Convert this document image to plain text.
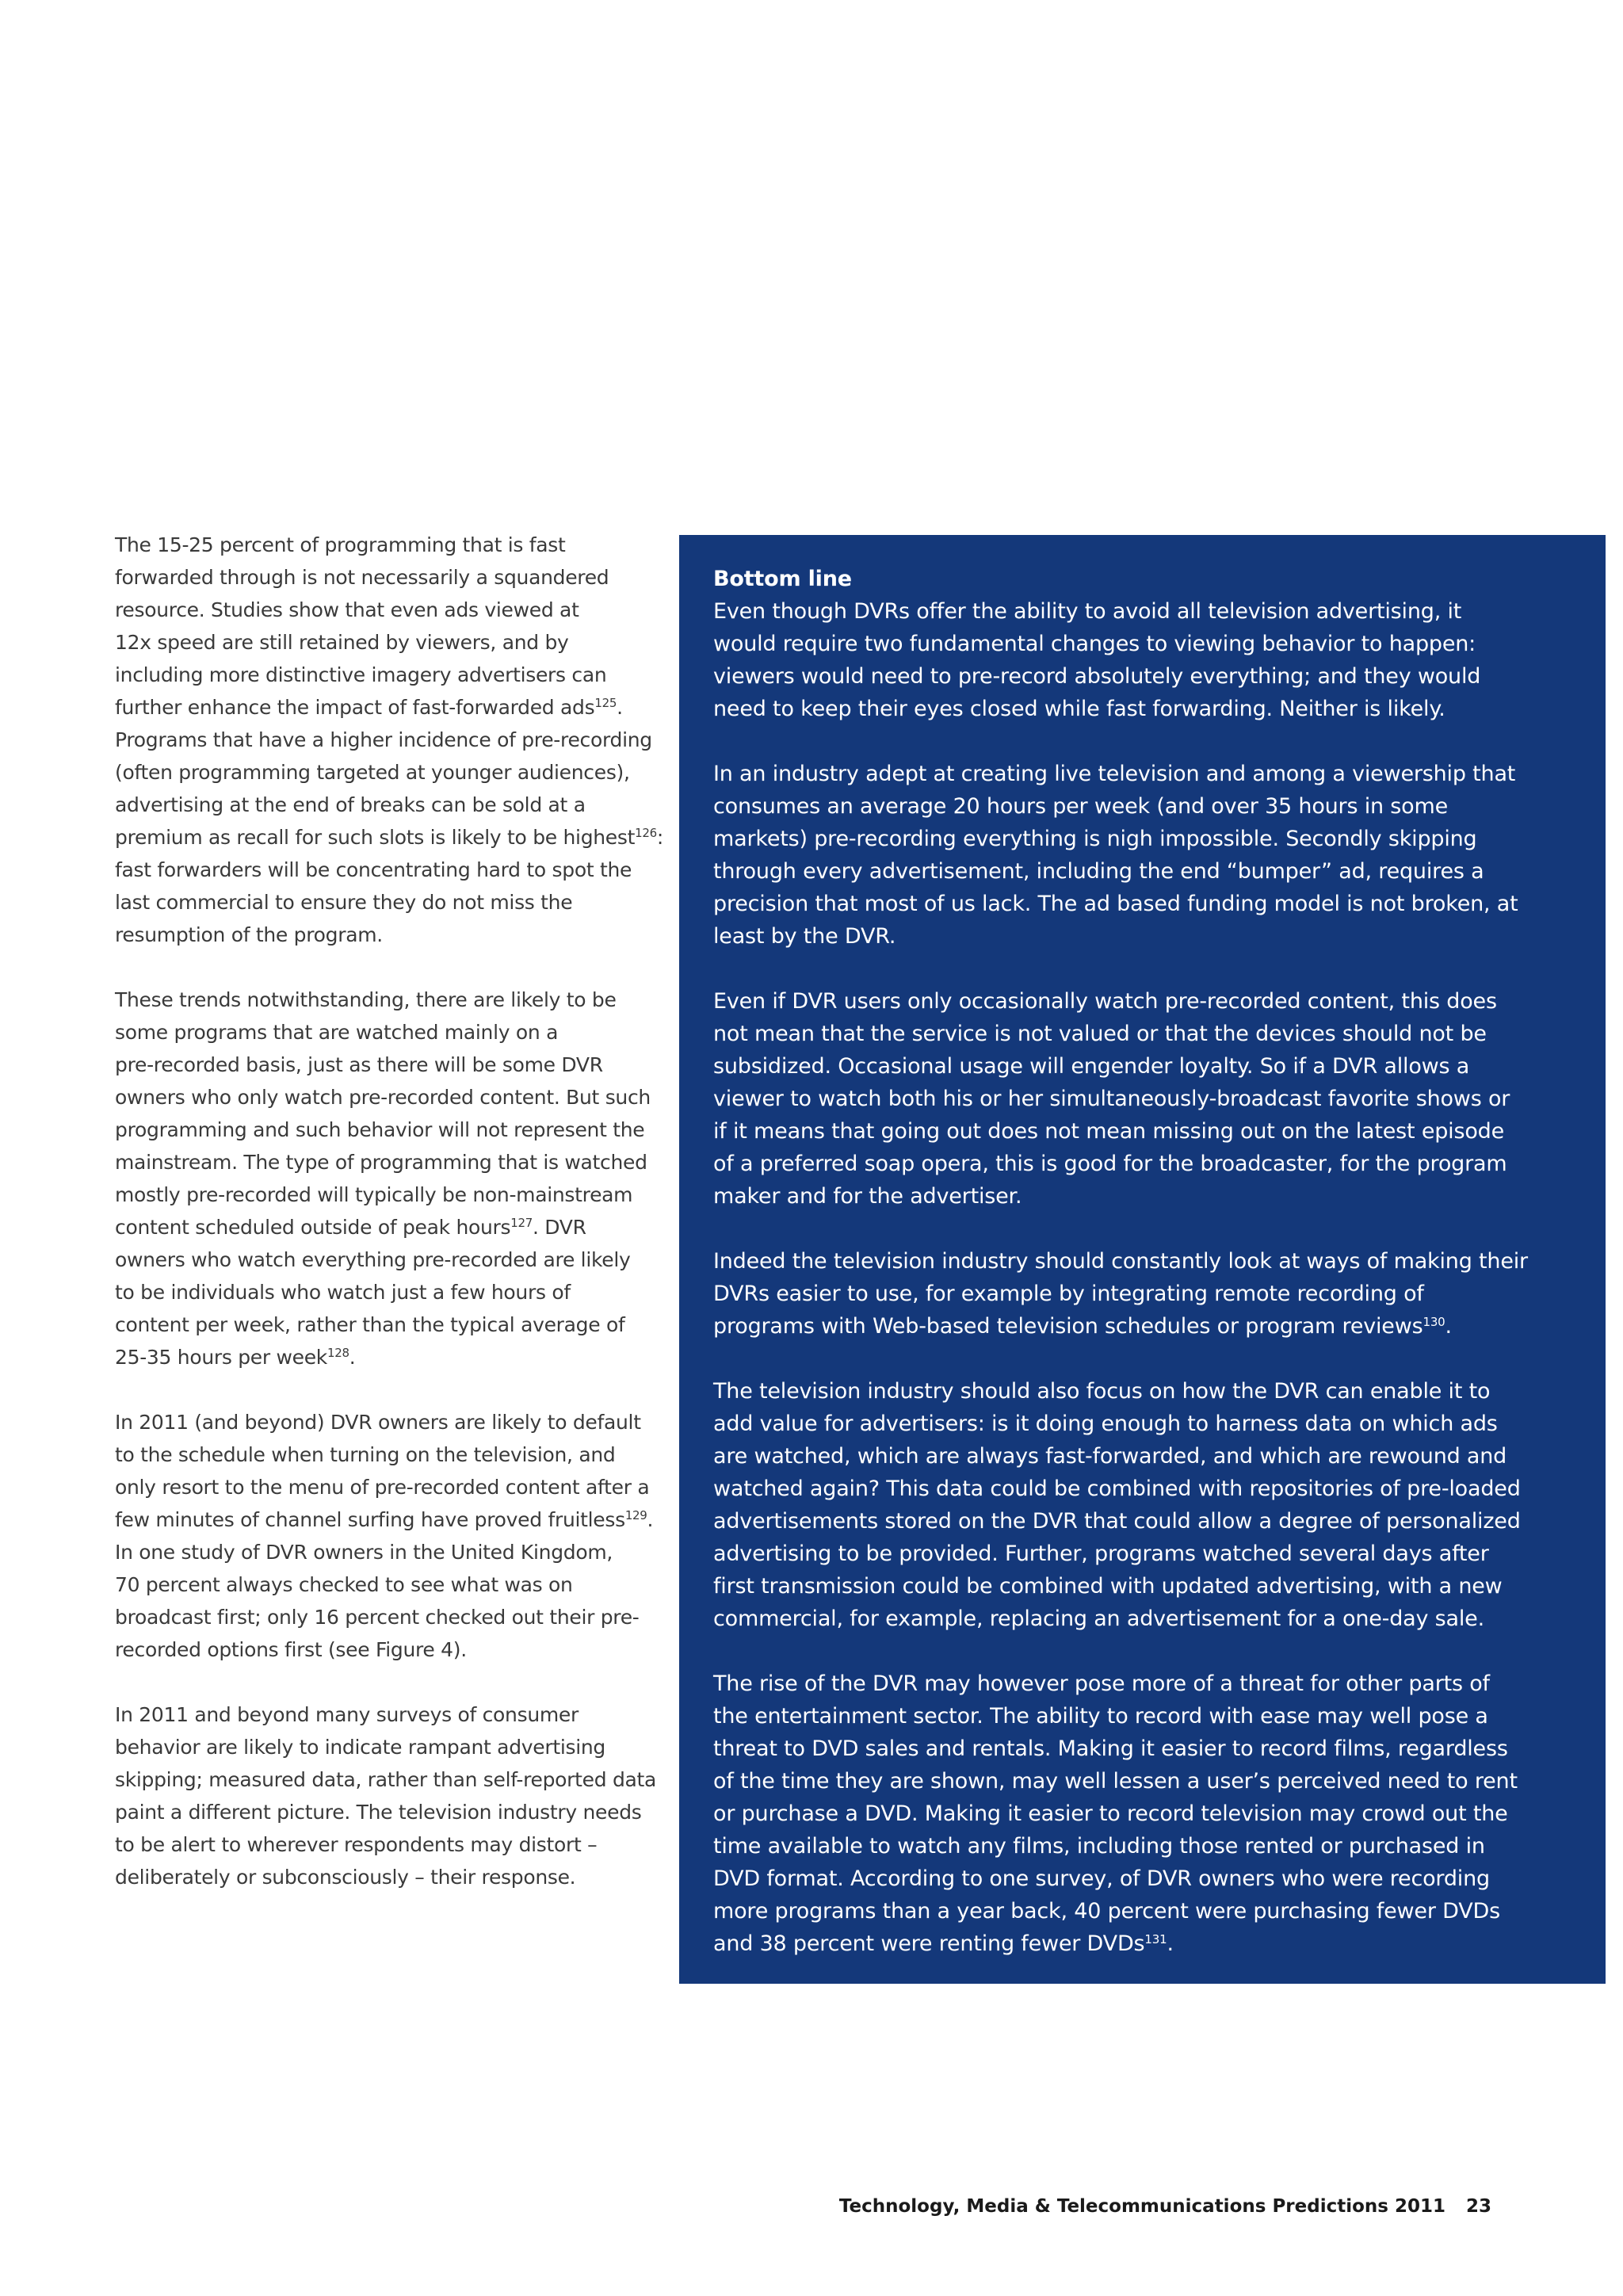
The 15-25 percent of programming that is fast
forwarded through is not necessarily a squandered
resource. Studies show that even ads viewed at
12x speed are still retained by viewers, and by
including more distinctive imagery advertisers can
further enhance the impact of fast-forwarded ads$^{125}$.
Programs that have a higher incidence of pre-recording
(often programming targeted at younger audiences),
advertising at the end of breaks can be sold at a
premium as recall for such slots is likely to be highest$^{126}$:
fast forwarders will be concentrating hard to spot the
last commercial to ensure they do not miss the
resumption of the program.

These trends notwithstanding, there are likely to be
some programs that are watched mainly on a
pre-recorded basis, just as there will be some DVR
owners who only watch pre-recorded content. But such
programming and such behavior will not represent the
mainstream. The type of programming that is watched
mostly pre-recorded will typically be non-mainstream
content scheduled outside of peak hours$^{127}$. DVR
owners who watch everything pre-recorded are likely
to be individuals who watch just a few hours of
content per week, rather than the typical average of
25-35 hours per week$^{128}$.

In 2011 (and beyond) DVR owners are likely to default
to the schedule when turning on the television, and
only resort to the menu of pre-recorded content after a
few minutes of channel surfing have proved fruitless$^{129}$.
In one study of DVR owners in the United Kingdom,
70 percent always checked to see what was on
broadcast first; only 16 percent checked out their pre-
recorded options first (see Figure 4).

In 2011 and beyond many surveys of consumer
behavior are likely to indicate rampant advertising
skipping; measured data, rather than self-reported data
paint a different picture. The television industry needs
to be alert to wherever respondents may distort –
deliberately or subconsciously – their response.

Bottom line

Even though DVRs offer the ability to avoid all television advertising, it
would require two fundamental changes to viewing behavior to happen:
viewers would need to pre-record absolutely everything; and they would
need to keep their eyes closed while fast forwarding. Neither is likely.

In an industry adept at creating live television and among a viewership that
consumes an average 20 hours per week (and over 35 hours in some
markets) pre-recording everything is nigh impossible. Secondly skipping
through every advertisement, including the end “bumper” ad, requires a
precision that most of us lack. The ad based funding model is not broken, at
least by the DVR.

Even if DVR users only occasionally watch pre-recorded content, this does
not mean that the service is not valued or that the devices should not be
subsidized. Occasional usage will engender loyalty. So if a DVR allows a
viewer to watch both his or her simultaneously-broadcast favorite shows or
if it means that going out does not mean missing out on the latest episode
of a preferred soap opera, this is good for the broadcaster, for the program
maker and for the advertiser.

Indeed the television industry should constantly look at ways of making their
DVRs easier to use, for example by integrating remote recording of
programs with Web-based television schedules or program reviews$^{130}$.

The television industry should also focus on how the DVR can enable it to
add value for advertisers: is it doing enough to harness data on which ads
are watched, which are always fast-forwarded, and which are rewound and
watched again? This data could be combined with repositories of pre-loaded
advertisements stored on the DVR that could allow a degree of personalized
advertising to be provided. Further, programs watched several days after
first transmission could be combined with updated advertising, with a new
commercial, for example, replacing an advertisement for a one-day sale.

The rise of the DVR may however pose more of a threat for other parts of
the entertainment sector. The ability to record with ease may well pose a
threat to DVD sales and rentals. Making it easier to record films, regardless
of the time they are shown, may well lessen a user’s perceived need to rent
or purchase a DVD. Making it easier to record television may crowd out the
time available to watch any films, including those rented or purchased in
DVD format. According to one survey, of DVR owners who were recording
more programs than a year back, 40 percent were purchasing fewer DVDs
and 38 percent were renting fewer DVDs$^{131}$.

Technology, Media & Telecommunications Predictions 2011 23
